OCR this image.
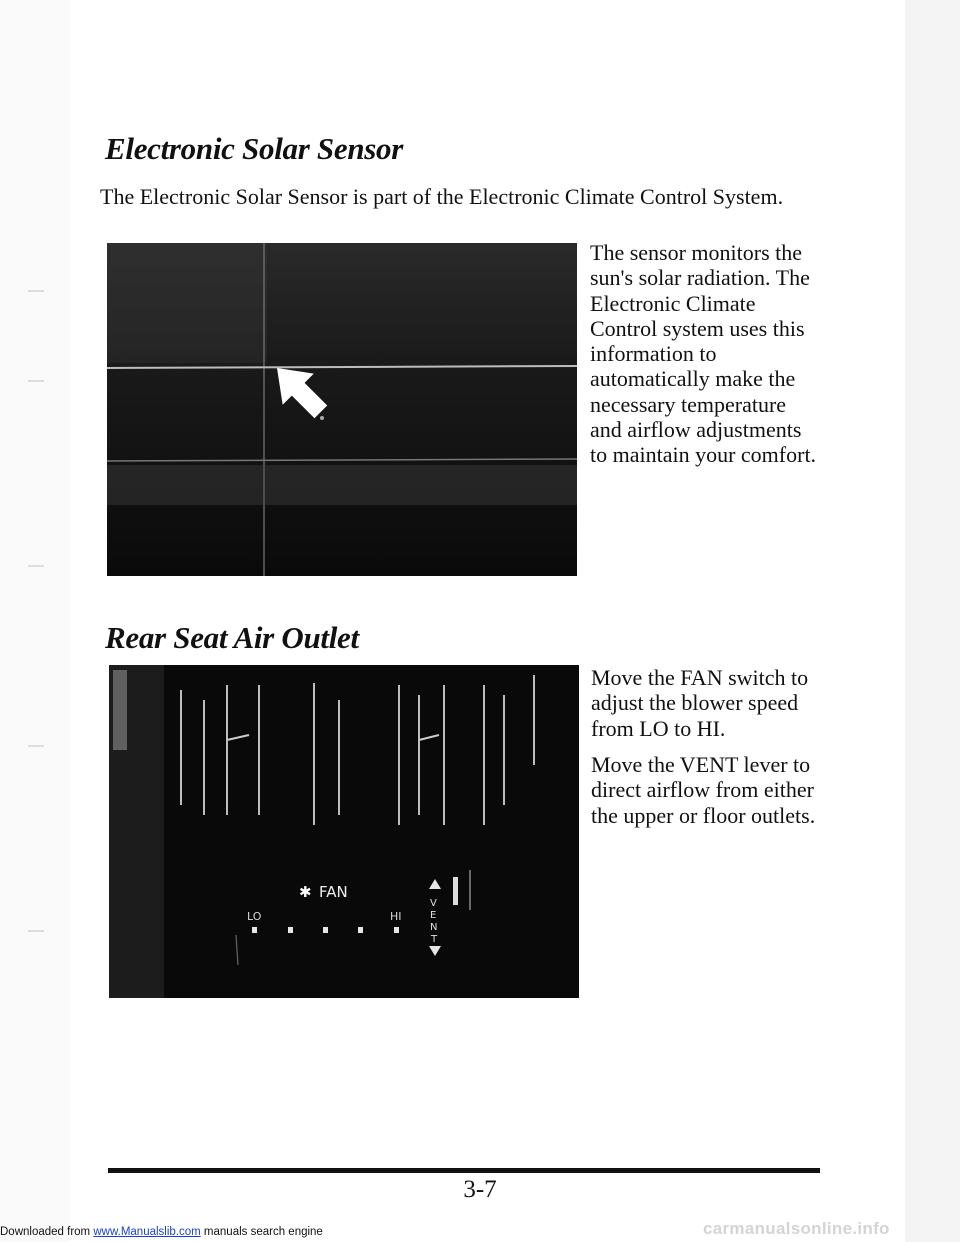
Electronic Solar Sensor

The Electronic Solar Sensor is part of the Electronic Climate Control System.

The sensor monitors the sun's solar radiation. The Electronic Climate Control system uses this information to automatically make the necessary temperature and airflow adjustments to maintain your comfort.

Rear Seat Air Outlet
✱ FAN
LO	HI
V
E
N
T

Move the FAN switch to adjust the blower speed from LO to HI.

Move the VENT lever to direct airflow from either the upper or floor outlets.

3-7

Downloaded from www.Manualslib.com manuals search engine	carmanualsonline.info
